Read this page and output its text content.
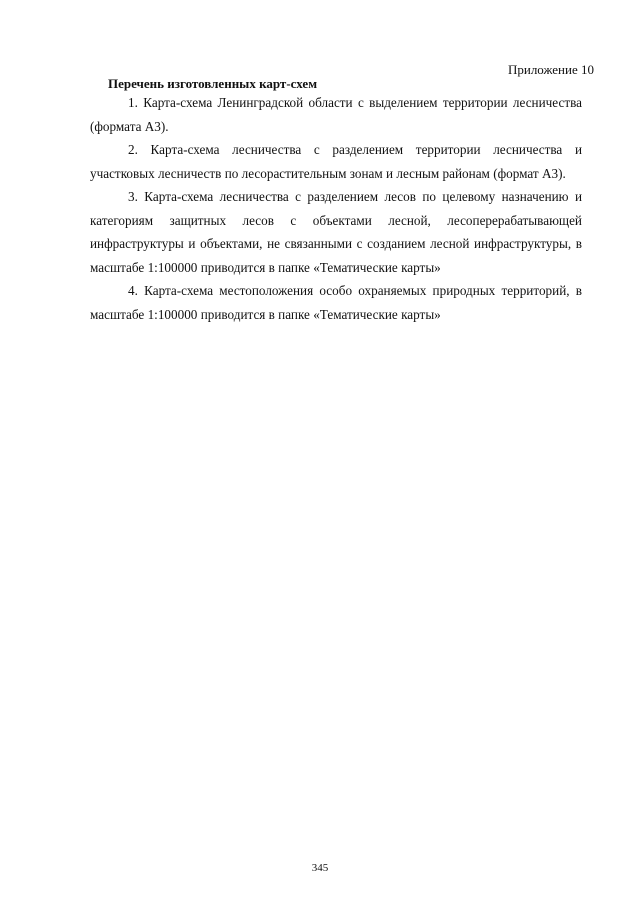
Приложение 10
Перечень изготовленных карт-схем

1. Карта-схема Ленинградской области с выделением территории лесничества (формата А3).

2. Карта-схема лесничества с разделением территории лесничества и участковых лесничеств по лесорастительным зонам и лесным районам (формат А3).

3. Карта-схема лесничества с разделением лесов по целевому назначению и категориям защитных лесов с объектами лесной, лесоперерабатывающей инфраструктуры и объектами, не связанными с созданием лесной инфраструктуры, в масштабе 1:100000 приводится в папке «Тематические карты»

4. Карта-схема местоположения особо охраняемых природных территорий, в масштабе 1:100000 приводится в папке «Тематические карты»

345
